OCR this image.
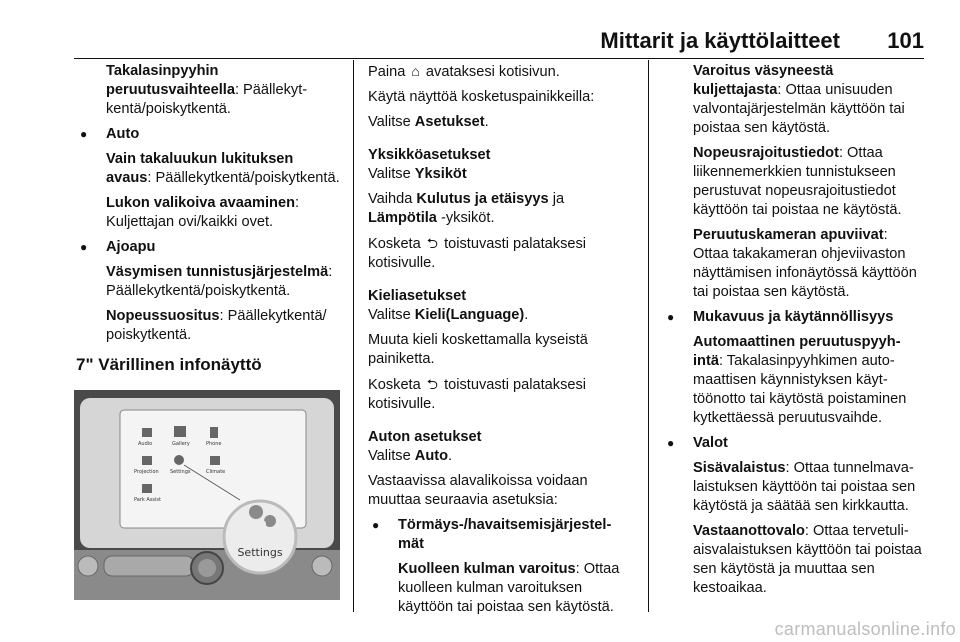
Mittarit ja käyttölaitteet 101

Takalasinpyyhin peruutusvaihteella: Päällekytkentä/poiskytkentä.

● Auto

Vain takaluukun lukituksen avaus: Päällekytkentä/poiskytkentä.

Lukon valikoiva avaaminen: Kuljettajan ovi/kaikki ovet.

● Ajoapu

Väsymisen tunnistusjärjestelmä: Päällekytkentä/poiskytkentä.

Nopeussuositus: Päällekytkentä/ poiskytkentä.

7" Värillinen infonäyttö
Audio	Gallery	Phone
Projection Settings	Climate
Park Assist
Settings

Paina ⌂ avataksesi kotisivun.

Käytä näyttöä kosketuspainikkeilla:

Valitse Asetukset.

Yksikköasetukset

Valitse Yksiköt

Vaihda Kulutus ja etäisyys ja Lämpötila -yksiköt.

Kosketa ⮌ toistuvasti palataksesi kotisivulle.

Kieliasetukset

Valitse Kieli(Language).

Muuta kieli koskettamalla kyseistä painiketta.

Kosketa ⮌ toistuvasti palataksesi kotisivulle.

Auton asetukset

Valitse Auto.

Vastaavissa alavalikoissa voidaan muuttaa seuraavia asetuksia:

● Törmäys-/havaitsemisjärjestelmät

Kuolleen kulman varoitus: Ottaa kuolleen kulman varoituksen käyttöön tai poistaa sen käytöstä.

Varoitus väsyneestä kuljettajasta: Ottaa unisuuden valvontajärjestelmän käyttöön tai poistaa sen käytöstä.

Nopeusrajoitustiedot: Ottaa liikennemerkkien tunnistukseen perustuvat nopeusrajoitustiedot käyttöön tai poistaa ne käytöstä.

Peruutuskameran apuviivat: Ottaa takakameran ohjeviivaston näyttämisen infonäytössä käyttöön tai poistaa sen käytöstä.

● Mukavuus ja käytännöllisyys

Automaattinen peruutuspyyhintä: Takalasinpyyhkimen automaattisen käynnistyksen käyttöönotto tai käytöstä poistaminen kytkettäessä peruutusvaihde.

● Valot

Sisävalaistus: Ottaa tunnelmavalaistuksen käyttöön tai poistaa sen käytöstä ja säätää sen kirkkautta.

Vastaanottovalo: Ottaa tervetuliaisvalaistuksen käyttöön tai poistaa sen käytöstä ja muuttaa sen kestoaikaa.

carmanualsonline.info
